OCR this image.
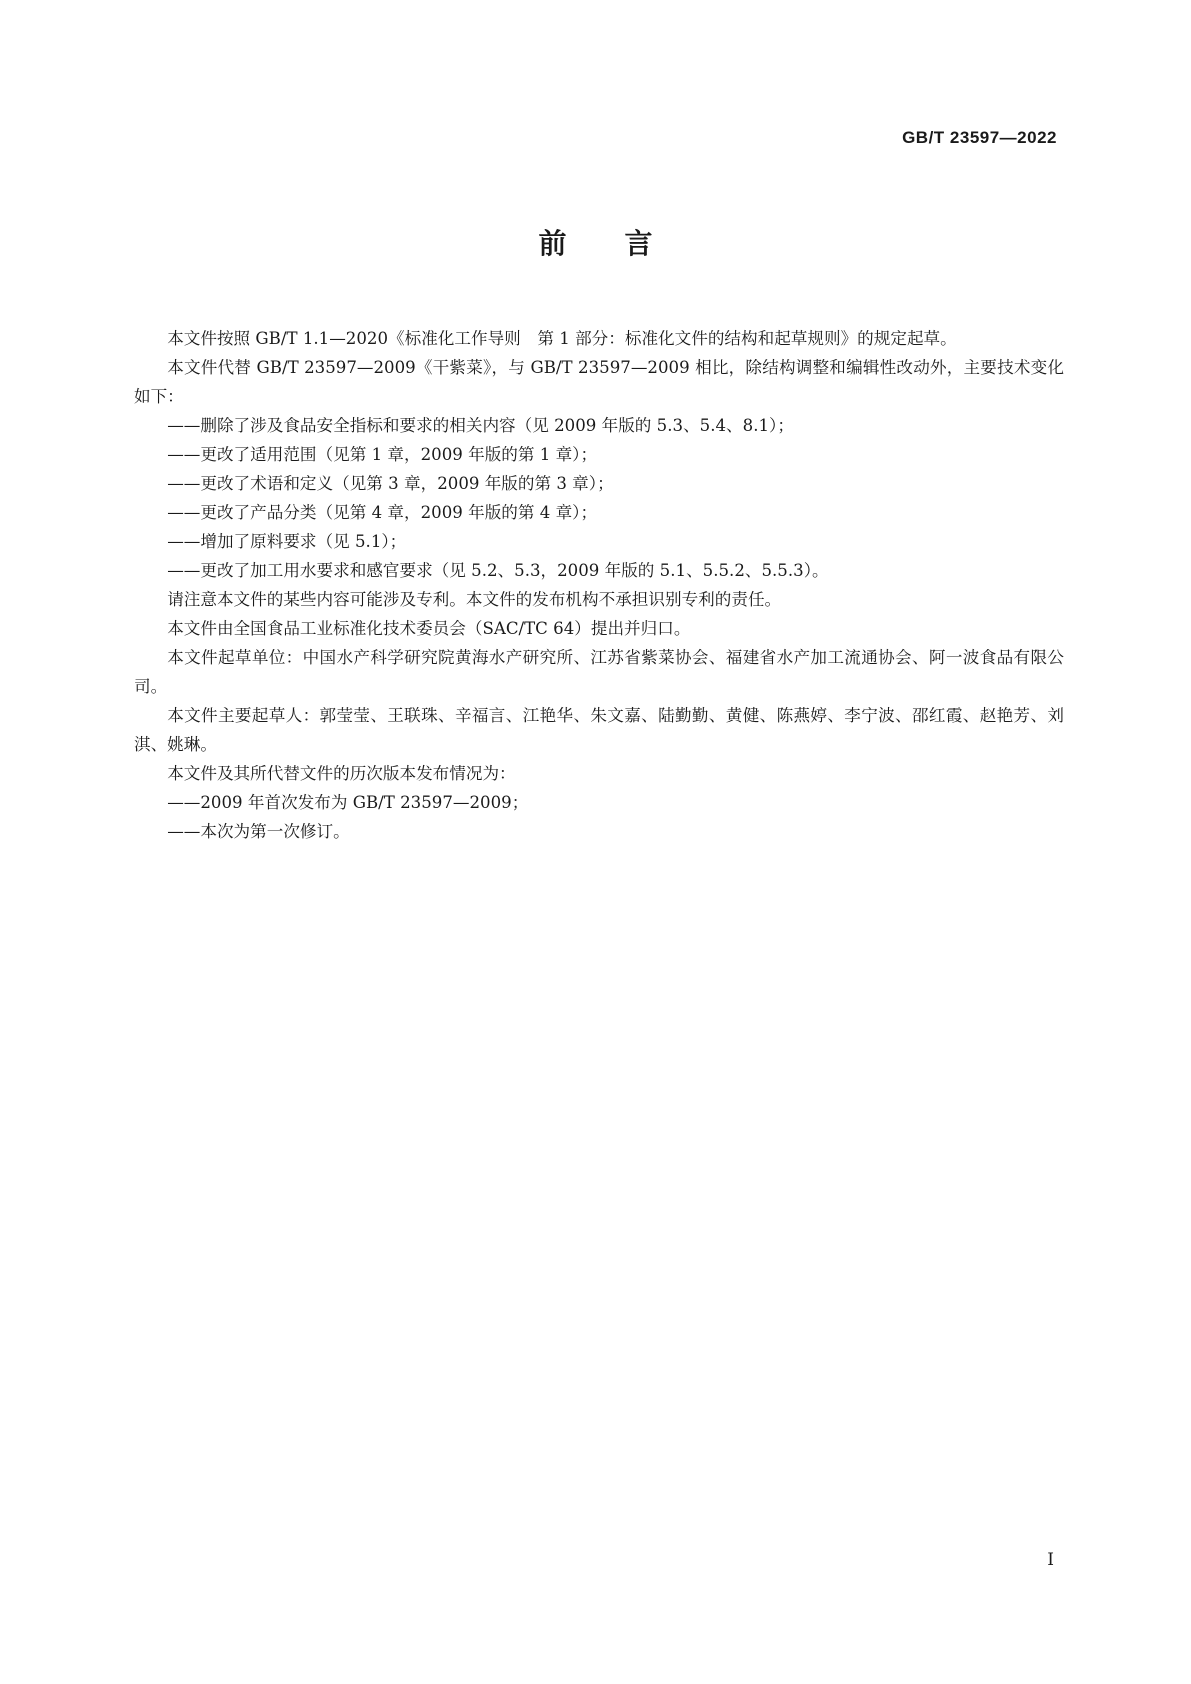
GB/T 23597—2022
前 言

本文件按照 GB/T 1.1—2020《标准化工作导则　第 1 部分：标准化文件的结构和起草规则》的规定起草。

本文件代替 GB/T 23597—2009《干紫菜》，与 GB/T 23597—2009 相比，除结构调整和编辑性改动外，主要技术变化如下：

——删除了涉及食品安全指标和要求的相关内容（见 2009 年版的 5.3、5.4、8.1）；

——更改了适用范围（见第 1 章，2009 年版的第 1 章）；

——更改了术语和定义（见第 3 章，2009 年版的第 3 章）；

——更改了产品分类（见第 4 章，2009 年版的第 4 章）；

——增加了原料要求（见 5.1）；

——更改了加工用水要求和感官要求（见 5.2、5.3，2009 年版的 5.1、5.5.2、5.5.3）。

请注意本文件的某些内容可能涉及专利。本文件的发布机构不承担识别专利的责任。

本文件由全国食品工业标准化技术委员会（SAC/TC 64）提出并归口。

本文件起草单位：中国水产科学研究院黄海水产研究所、江苏省紫菜协会、福建省水产加工流通协会、阿一波食品有限公司。

本文件主要起草人：郭莹莹、王联珠、辛福言、江艳华、朱文嘉、陆勤勤、黄健、陈燕婷、李宁波、邵红霞、赵艳芳、刘淇、姚琳。

本文件及其所代替文件的历次版本发布情况为：

——2009 年首次发布为 GB/T 23597—2009；

——本次为第一次修订。

I
